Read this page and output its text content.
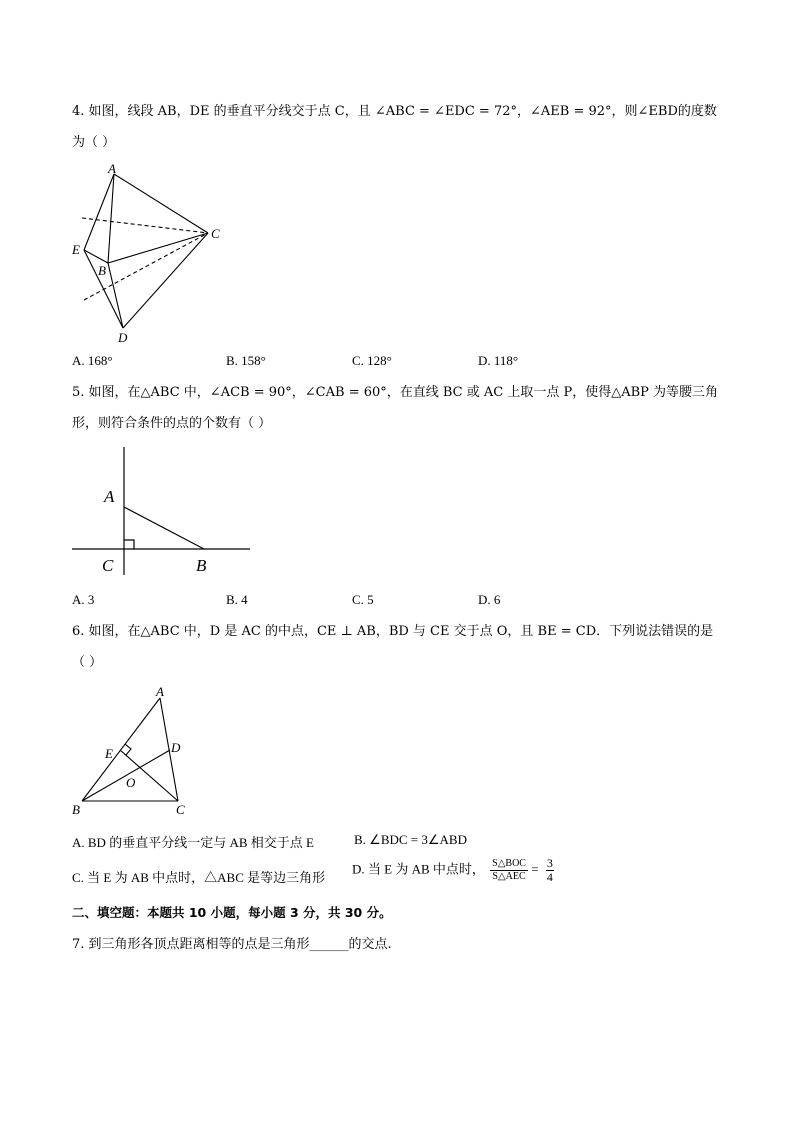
4. 如图，线段 AB，DE 的垂直平分线交于点 C，且 ∠ABC = ∠EDC = 72°，∠AEB = 92°，则∠EBD的度数
为（ ）
A
C
E
B
D
A. 168°	B. 158°	C. 128°	D. 118°
5. 如图，在△ABC 中，∠ACB = 90°，∠CAB = 60°，在直线 BC 或 AC 上取一点 P，使得△ABP 为等腰三角
形，则符合条件的点的个数有（ ）
A
C	B
A. 3	B. 4	C. 5	D. 6
6. 如图，在△ABC 中，D 是 AC 的中点，CE ⊥ AB，BD 与 CE 交于点 O，且 BE = CD．下列说法错误的是
（ ）
A
D
E
O
B	C
A. BD 的垂直平分线一定与 AB 相交于点 E	B. ∠BDC = 3∠ABD
C. 当 E 为 AB 中点时，△ABC 是等边三角形
D. 当 E 为 AB 中点时， $\frac{\text{S△BOC}}{\text{S△AEC}} = \frac{3}{4}$
二、填空题：本题共 10 小题，每小题 3 分，共 30 分。
7. 到三角形各顶点距离相等的点是三角形______的交点.
